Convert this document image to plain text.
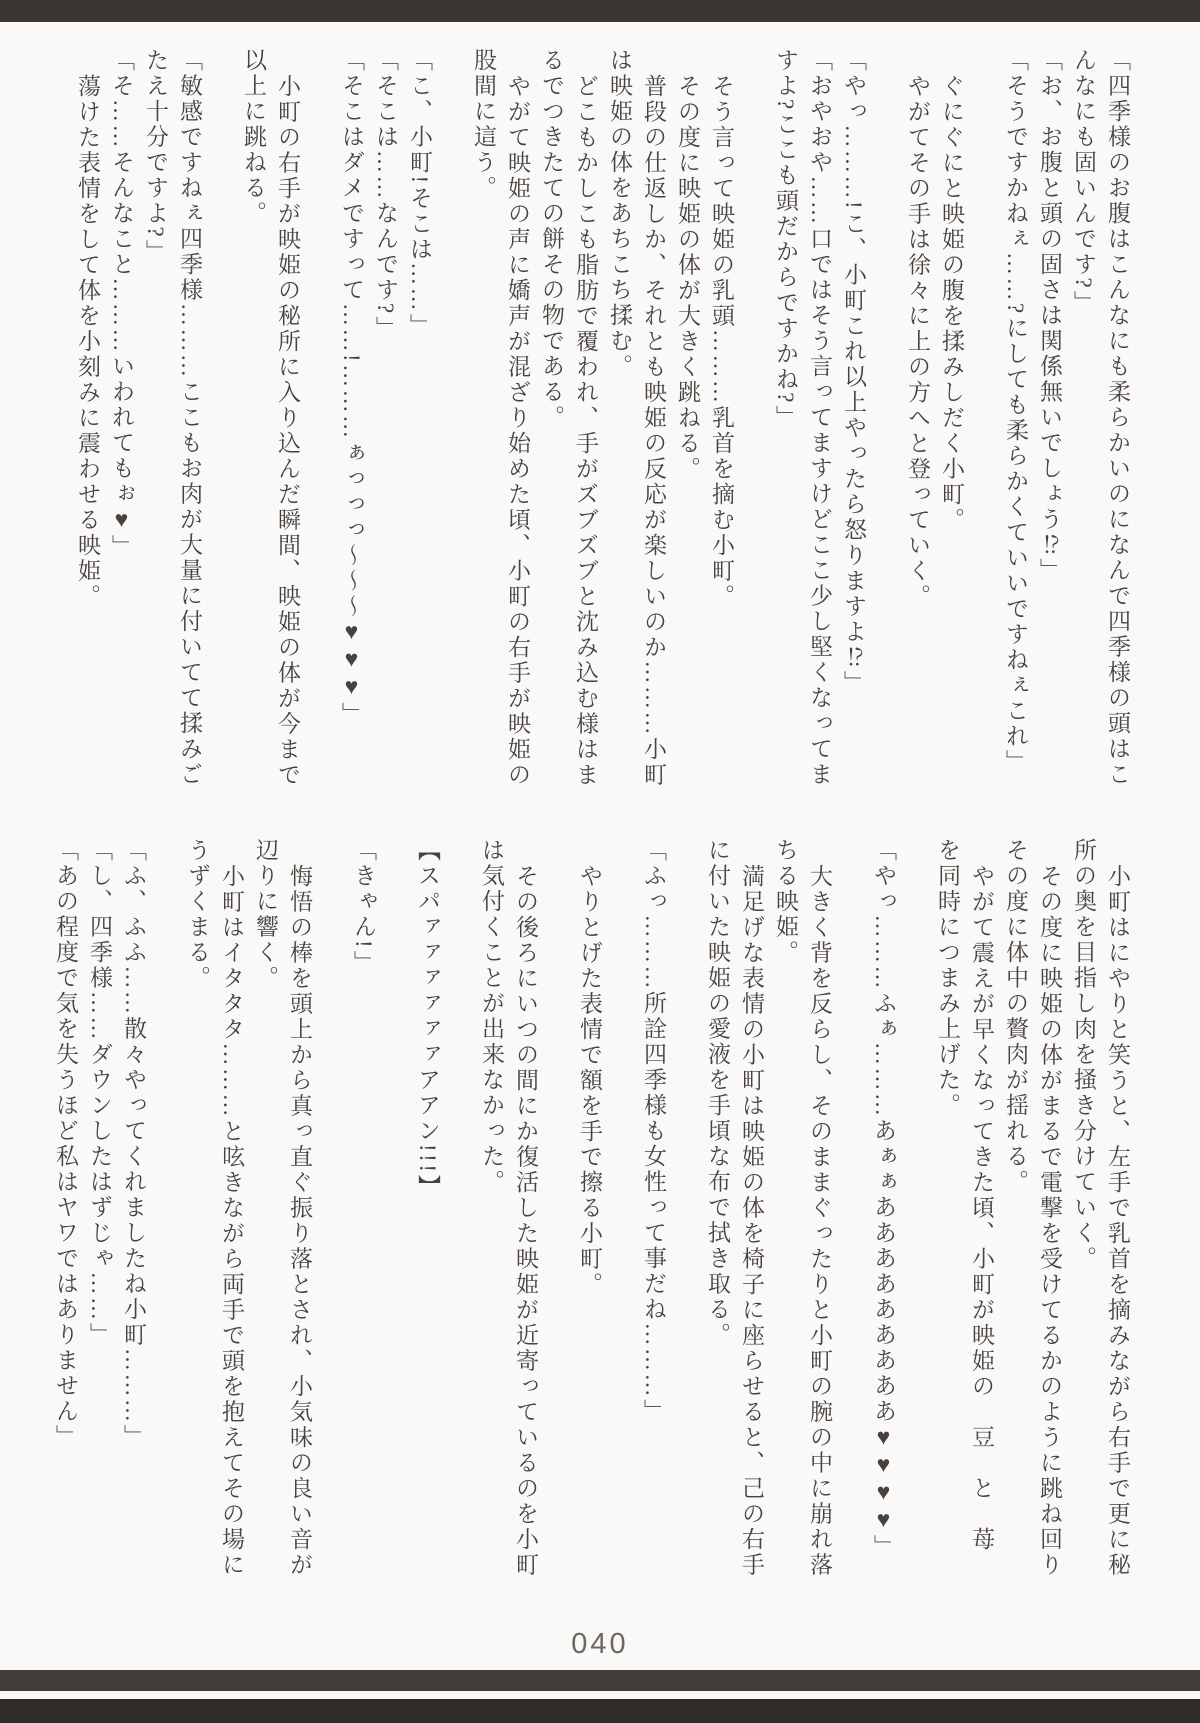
「四季様のお腹はこんなにも柔らかいのになんで四季様の頭はこんなにも固いんです?」

「お、お腹と頭の固さは関係無いでしょう⁉」

「そうですかねぇ……?にしても柔らかくていいですねぇこれ」

ぐにぐにと映姫の腹を揉みしだく小町。

やがてその手は徐々に上の方へと登っていく。

「やっ………!こ、小町これ以上やったら怒りますよ⁉」

「おやおや……口ではそう言ってますけどここ少し堅くなってますよ?ここも頭だからですかね?」

そう言って映姫の乳頭………乳首を摘む小町。

その度に映姫の体が大きく跳ねる。

普段の仕返しか、それとも映姫の反応が楽しいのか………小町は映姫の体をあちこち揉む。

どこもかしこも脂肪で覆われ、手がズブズブと沈み込む様はまるでつきたての餅その物である。

やがて映姫の声に嬌声が混ざり始めた頃、小町の右手が映姫の股間に這う。

「こ、小町!そこは……」

「そこは……なんです?」

「そこはダメですって……!………ぁっっっ〜〜〜♥♥♥」

小町の右手が映姫の秘所に入り込んだ瞬間、映姫の体が今まで以上に跳ねる。

「敏感ですねぇ四季様………ここもお肉が大量に付いてて揉みごたえ十分ですよ?」

「そ……そんなこと………いわれてもぉ♥」

蕩けた表情をして体を小刻みに震わせる映姫。

小町はにやりと笑うと、左手で乳首を摘みながら右手で更に秘所の奥を目指し肉を掻き分けていく。

その度に映姫の体がまるで電撃を受けてるかのように跳ね回りその度に体中の贅肉が揺れる。

やがて震えが早くなってきた頃、小町が映姫の　豆　と　苺　を同時につまみ上げた。

「やっ………ふぁ………あぁぁあああああああああ♥♥♥♥」

大きく背を反らし、そのままぐったりと小町の腕の中に崩れ落ちる映姫。

満足げな表情の小町は映姫の体を椅子に座らせると、己の右手に付いた映姫の愛液を手頃な布で拭き取る。

「ふっ………所詮四季様も女性って事だね………」

やりとげた表情で額を手で擦る小町。

その後ろにいつの間にか復活した映姫が近寄っているのを小町は気付くことが出来なかった。

【スパァァァァァァアアン!!!】

「きゃん!」

悔悟の棒を頭上から真っ直ぐ振り落とされ、小気味の良い音が辺りに響く。

小町はイタタタ………と呟きながら両手で頭を抱えてその場にうずくまる。

「ふ、ふふ……散々やってくれましたね小町………」

「し、四季様……ダウンしたはずじゃ……」

「あの程度で気を失うほど私はヤワではありません」

040
